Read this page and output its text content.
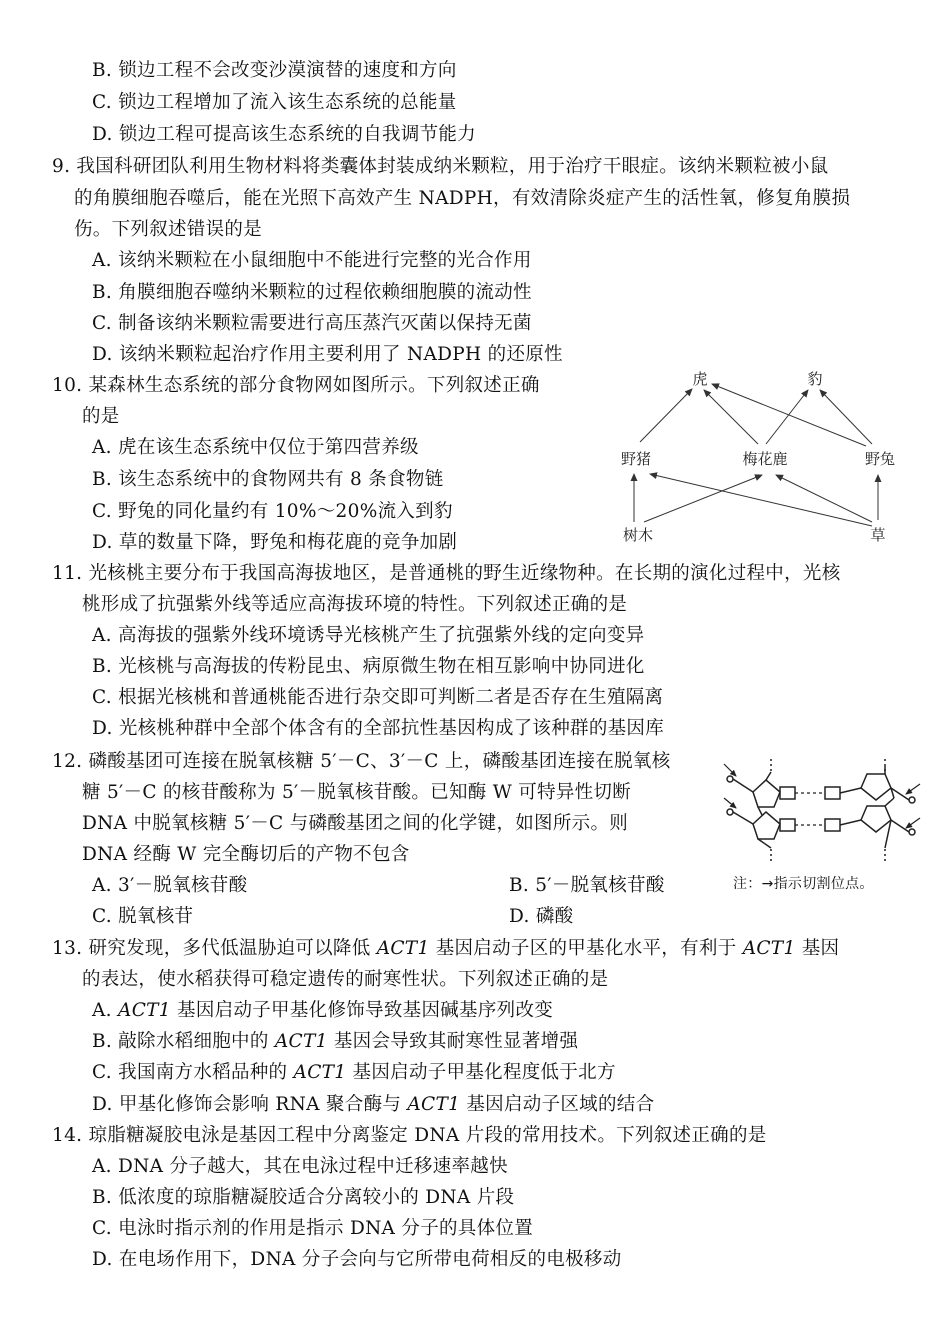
B. 锁边工程不会改变沙漠演替的速度和方向
C. 锁边工程增加了流入该生态系统的总能量
D. 锁边工程可提高该生态系统的自我调节能力
9. 我国科研团队利用生物材料将类囊体封装成纳米颗粒，用于治疗干眼症。该纳米颗粒被小鼠
的角膜细胞吞噬后，能在光照下高效产生 NADPH，有效清除炎症产生的活性氧，修复角膜损
伤。下列叙述错误的是
A. 该纳米颗粒在小鼠细胞中不能进行完整的光合作用
B. 角膜细胞吞噬纳米颗粒的过程依赖细胞膜的流动性
C. 制备该纳米颗粒需要进行高压蒸汽灭菌以保持无菌
D. 该纳米颗粒起治疗作用主要利用了 NADPH 的还原性
10. 某森林生态系统的部分食物网如图所示。下列叙述正确
的是
A. 虎在该生态系统中仅位于第四营养级
B. 该生态系统中的食物网共有 8 条食物链
C. 野兔的同化量约有 10%～20%流入到豹
D. 草的数量下降，野兔和梅花鹿的竞争加剧
虎	豹
野猪	梅花鹿	野兔
树木	草
11. 光核桃主要分布于我国高海拔地区，是普通桃的野生近缘物种。在长期的演化过程中，光核
桃形成了抗强紫外线等适应高海拔环境的特性。下列叙述正确的是
A. 高海拔的强紫外线环境诱导光核桃产生了抗强紫外线的定向变异
B. 光核桃与高海拔的传粉昆虫、病原微生物在相互影响中协同进化
C. 根据光核桃和普通桃能否进行杂交即可判断二者是否存在生殖隔离
D. 光核桃种群中全部个体含有的全部抗性基因构成了该种群的基因库
12. 磷酸基团可连接在脱氧核糖 5′－C、3′－C 上，磷酸基团连接在脱氧核
糖 5′－C 的核苷酸称为 5′－脱氧核苷酸。已知酶 W 可特异性切断
DNA 中脱氧核糖 5′－C 与磷酸基团之间的化学键，如图所示。则
DNA 经酶 W 完全酶切后的产物不包含
A. 3′－脱氧核苷酸	B. 5′－脱氧核苷酸
C. 脱氧核苷	D. 磷酸
注：→指示切割位点。
13. 研究发现，多代低温胁迫可以降低 ACT1 基因启动子区的甲基化水平，有利于 ACT1 基因
的表达，使水稻获得可稳定遗传的耐寒性状。下列叙述正确的是
A. ACT1 基因启动子甲基化修饰导致基因碱基序列改变
B. 敲除水稻细胞中的 ACT1 基因会导致其耐寒性显著增强
C. 我国南方水稻品种的 ACT1 基因启动子甲基化程度低于北方
D. 甲基化修饰会影响 RNA 聚合酶与 ACT1 基因启动子区域的结合
14. 琼脂糖凝胶电泳是基因工程中分离鉴定 DNA 片段的常用技术。下列叙述正确的是
A. DNA 分子越大，其在电泳过程中迁移速率越快
B. 低浓度的琼脂糖凝胶适合分离较小的 DNA 片段
C. 电泳时指示剂的作用是指示 DNA 分子的具体位置
D. 在电场作用下，DNA 分子会向与它所带电荷相反的电极移动
